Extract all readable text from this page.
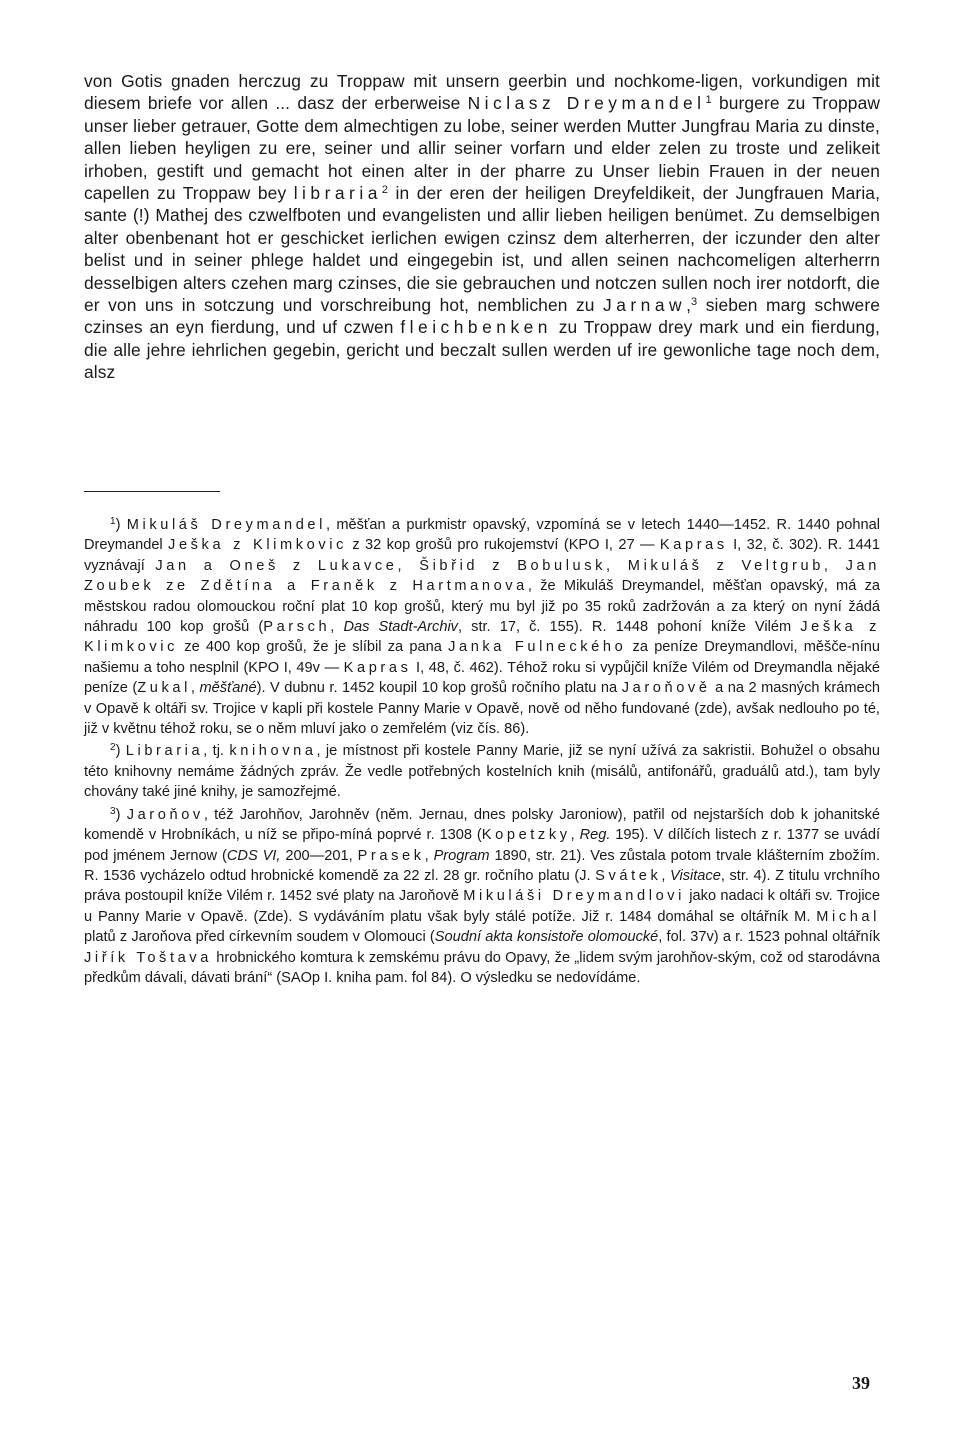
von Gotis gnaden herczug zu Troppaw mit unsern geerbin und nochkome-ligen, vorkundigen mit diesem briefe vor allen ... dasz der erberweise Niclasz Dreymandel$^1$ burgere zu Troppaw unser lieber getrauer, Gotte dem almechtigen zu lobe, seiner werden Mutter Jungfrau Maria zu dinste, allen lieben heyligen zu ere, seiner und allir seiner vorfarn und elder zelen zu troste und zelikeit irhoben, gestift und gemacht hot einen alter in der pharre zu Unser liebin Frauen in der neuen capellen zu Troppaw bey libraria$^2$ in der eren der heiligen Dreyfeldikeit, der Jungfrauen Maria, sante (!) Mathej des czwelfboten und evangelisten und allir lieben heiligen benümet. Zu demselbigen alter obenbenant hot er geschicket ierlichen ewigen czinsz dem alterherren, der iczunder den alter belist und in seiner phlege haldet und eingegebin ist, und allen seinen nachcomeligen alterherrn desselbigen alters czehen marg czinses, die sie gebrauchen und notczen sullen noch irer notdorft, die er von uns in sotczung und vorschreibung hot, nemblichen zu Jarnaw,$^3$ sieben marg schwere czinses an eyn fierdung, und uf czwen fleichbenken zu Troppaw drey mark und ein fierdung, die alle jehre iehrlichen gegebin, gericht und beczalt sullen werden uf ire gewonliche tage noch dem, alsz

$^1$) Mikuláš Dreymandel, měšťan a purkmistr opavský, vzpomíná se v letech 1440—1452. R. 1440 pohnal Dreymandel Ješka z Klimkovic z 32 kop grošů pro rukojemství (KPO I, 27 — Kapras I, 32, č. 302). R. 1441 vyznávají Jan a Oneš z Lukavce, Šibřid z Bobulusk, Mikuláš z Veltgrub, Jan Zoubek ze Zdětína a Franěk z Hartmanova, že Mikuláš Dreymandel, měšťan opavský, má za městskou radou olomouckou roční plat 10 kop grošů, který mu byl již po 35 roků zadržován a za který on nyní žádá náhradu 100 kop grošů (Parsch, Das Stadt-Archiv, str. 17, č. 155). R. 1448 pohoní kníže Vilém Ješka z Klimkovic ze 400 kop grošů, že je slíbil za pana Janka Fulneckého za peníze Dreymandlovi, měšče-nínu našiemu a toho nesplnil (KPO I, 49v — Kapras I, 48, č. 462). Téhož roku si vypůjčil kníže Vilém od Dreymandla nějaké peníze (Zukal, měšťané). V dubnu r. 1452 koupil 10 kop grošů ročního platu na Jaroňově a na 2 masných krámech v Opavě k oltáři sv. Trojice v kapli při kostele Panny Marie v Opavě, nově od něho fundované (zde), avšak nedlouho po té, již v květnu téhož roku, se o něm mluví jako o zemřelém (viz čís. 86).

$^2$) Libraria, tj. knihovna, je místnost při kostele Panny Marie, již se nyní užívá za sakristii. Bohužel o obsahu této knihovny nemáme žádných zpráv. Že vedle potřebných kostelních knih (misálů, antifonářů, graduálů atd.), tam byly chovány také jiné knihy, je samozřejmé.

$^3$) Jaroňov, též Jarohňov, Jarohněv (něm. Jernau, dnes polsky Jaroniow), patřil od nejstarších dob k johanitské komendě v Hrobníkách, u níž se připo-míná poprvé r. 1308 (Kopetzky, Reg. 195). V dílčích listech z r. 1377 se uvádí pod jménem Jernow (CDS VI, 200—201, Prasek, Program 1890, str. 21). Ves zůstala potom trvale klášterním zbožím. R. 1536 vycházelo odtud hrobnické komendě za 22 zl. 28 gr. ročního platu (J. Svátek, Visitace, str. 4). Z titulu vrchního práva postoupil kníže Vilém r. 1452 své platy na Jaroňově Mikuláši Dreymandlovi jako nadaci k oltáři sv. Trojice u Panny Marie v Opavě. (Zde). S vydáváním platu však byly stálé potíže. Již r. 1484 domáhal se oltářník M. Michal platů z Jaroňova před církevním soudem v Olomouci (Soudní akta konsistoře olomoucké, fol. 37v) a r. 1523 pohnal oltářník Jiřík Toštava hrobnického komtura k zemskému právu do Opavy, že „lidem svým jarohňov-ským, což od starodávna předkům dávali, dávati brání“ (SAOp I. kniha pam. fol 84). O výsledku se nedovídáme.

39
